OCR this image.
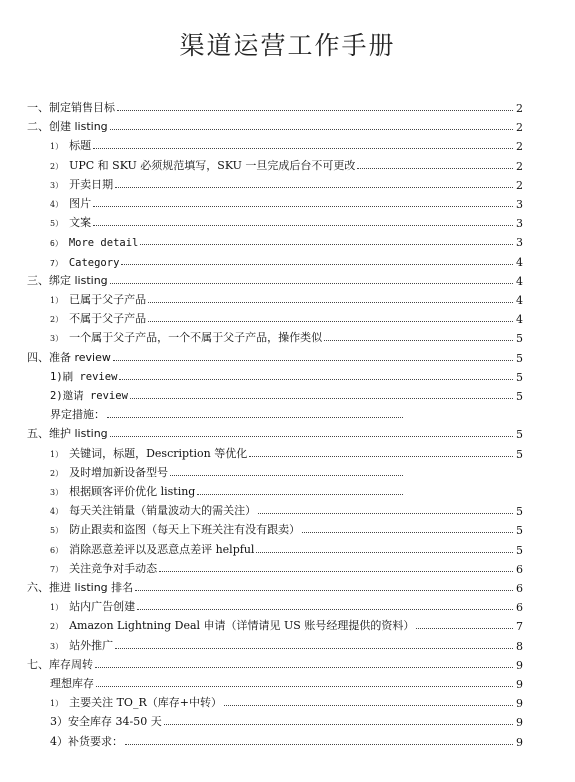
渠道运营工作手册
一、制定销售目标	2
二、创建 listing	2
1） 标题	2
2） UPC 和 SKU 必须规范填写，SKU 一旦完成后台不可更改	2
3） 开卖日期	2
4） 图片	3
5） 文案	3
6） More detail	3
7） Category	4
三、绑定 listing	4
1） 已属于父子产品	4
2） 不属于父子产品	4
3） 一个属于父子产品，一个不属于父子产品，操作类似	5
四、准备 review	5
1)刷 review	5
2)邀请 review	5
界定措施：
五、维护 listing	5
1） 关键词，标题，Description 等优化	5
2） 及时增加新设备型号
3） 根据顾客评价优化 listing
4） 每天关注销量（销量波动大的需关注）	5
5） 防止跟卖和盗图（每天上下班关注有没有跟卖）	5
6） 消除恶意差评以及恶意点差评 helpful	5
7） 关注竞争对手动态	6
六、推进 listing 排名	6
1） 站内广告创建	6
2） Amazon Lightning Deal 申请（详情请见 US 账号经理提供的资料）	7
3） 站外推广	8
七、库存周转	9
理想库存	9
1） 主要关注 TO_R（库存+中转）	9
3）安全库存 34-50 天	9
4）补货要求：	9
